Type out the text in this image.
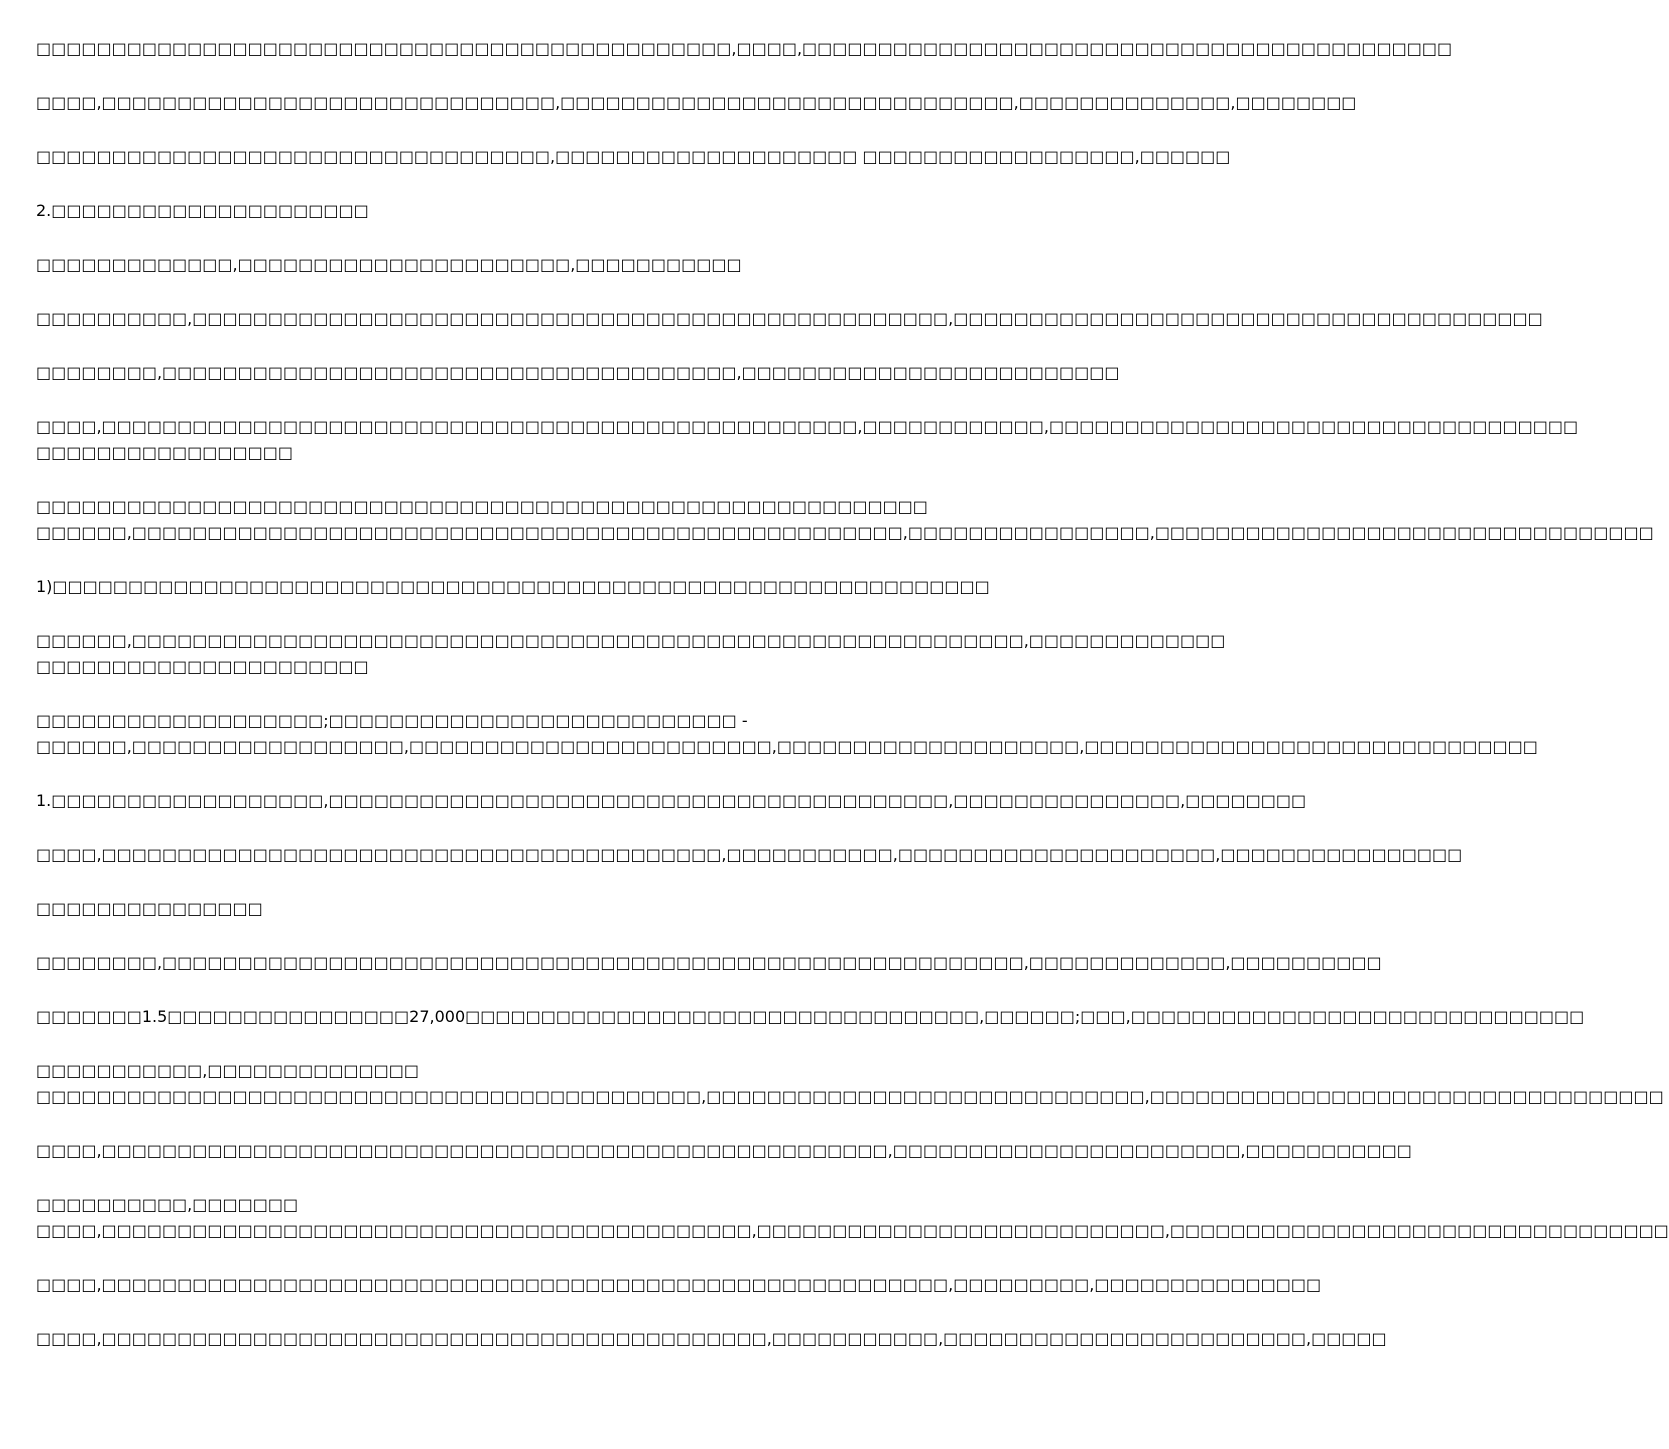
□□□□□□□□□□□□□□□□□□□□□□□□□□□□□□□□□□□□□□□□□□□□□□,□□□□,□□□□□□□□□□□□□□□□□□□□□□□□□□□□□□□□□□□□□□□□□□□

□□□□,□□□□□□□□□□□□□□□□□□□□□□□□□□□□□□,□□□□□□□□□□□□□□□□□□□□□□□□□□□□□□,□□□□□□□□□□□□□□,□□□□□□□□

□□□□□□□□□□□□□□□□□□□□□□□□□□□□□□□□□□,□□□□□□□□□□□□□□□□□□□□ □□□□□□□□□□□□□□□□□□,□□□□□□

2.□□□□□□□□□□□□□□□□□□□□□

□□□□□□□□□□□□□,□□□□□□□□□□□□□□□□□□□□□□,□□□□□□□□□□□

□□□□□□□□□□,□□□□□□□□□□□□□□□□□□□□□□□□□□□□□□□□□□□□□□□□□□□□□□□□□□,□□□□□□□□□□□□□□□□□□□□□□□□□□□□□□□□□□□□□□□

□□□□□□□□,□□□□□□□□□□□□□□□□□□□□□□□□□□□□□□□□□□□□□□,□□□□□□□□□□□□□□□□□□□□□□□□□

□□□□,□□□□□□□□□□□□□□□□□□□□□□□□□□□□□□□□□□□□□□□□□□□□□□□□□□,□□□□□□□□□□□□,□□□□□□□□□□□□□□□□□□□□□□□□□□□□□□□□□□□
□□□□□□□□□□□□□□□□□

□□□□□□□□□□□□□□□□□□□□□□□□□□□□□□□□□□□□□□□□□□□□□□□□□□□□□□□□□□□
□□□□□□,□□□□□□□□□□□□□□□□□□□□□□□□□□□□□□□□□□□□□□□□□□□□□□□□□□□,□□□□□□□□□□□□□□□□,□□□□□□□□□□□□□□□□□□□□□□□□□□□□□□□□□

1)□□□□□□□□□□□□□□□□□□□□□□□□□□□□□□□□□□□□□□□□□□□□□□□□□□□□□□□□□□□□□□

□□□□□□,□□□□□□□□□□□□□□□□□□□□□□□□□□□□□□□□□□□□□□□□□□□□□□□□□□□□□□□□□□□,□□□□□□□□□□□□□
□□□□□□□□□□□□□□□□□□□□□□

□□□□□□□□□□□□□□□□□□□;□□□□□□□□□□□□□□□□□□□□□□□□□□□ -
□□□□□□,□□□□□□□□□□□□□□□□□□,□□□□□□□□□□□□□□□□□□□□□□□□,□□□□□□□□□□□□□□□□□□□□,□□□□□□□□□□□□□□□□□□□□□□□□□□□□□□

1.□□□□□□□□□□□□□□□□□□,□□□□□□□□□□□□□□□□□□□□□□□□□□□□□□□□□□□□□□□□□,□□□□□□□□□□□□□□□,□□□□□□□□

□□□□,□□□□□□□□□□□□□□□□□□□□□□□□□□□□□□□□□□□□□□□□□,□□□□□□□□□□□,□□□□□□□□□□□□□□□□□□□□□,□□□□□□□□□□□□□□□□

□□□□□□□□□□□□□□□

□□□□□□□□,□□□□□□□□□□□□□□□□□□□□□□□□□□□□□□□□□□□□□□□□□□□□□□□□□□□□□□□□□,□□□□□□□□□□□□□,□□□□□□□□□□

□□□□□□□1.5□□□□□□□□□□□□□□□□27,000□□□□□□□□□□□□□□□□□□□□□□□□□□□□□□□□□□,□□□□□□;□□□,□□□□□□□□□□□□□□□□□□□□□□□□□□□□□□

□□□□□□□□□□□,□□□□□□□□□□□□□□
□□□□□□□□□□□□□□□□□□□□□□□□□□□□□□□□□□□□□□□□□□□□,□□□□□□□□□□□□□□□□□□□□□□□□□□□□□,□□□□□□□□□□□□□□□□□□□□□□□□□□□□□□□□□□

□□□□,□□□□□□□□□□□□□□□□□□□□□□□□□□□□□□□□□□□□□□□□□□□□□□□□□□□□,□□□□□□□□□□□□□□□□□□□□□□□,□□□□□□□□□□□

□□□□□□□□□□,□□□□□□□
□□□□,□□□□□□□□□□□□□□□□□□□□□□□□□□□□□□□□□□□□□□□□□□□,□□□□□□□□□□□□□□□□□□□□□□□□□□□,□□□□□□□□□□□□□□□□□□□□□□□□□□□□□□□□□

□□□□,□□□□□□□□□□□□□□□□□□□□□□□□□□□□□□□□□□□□□□□□□□□□□□□□□□□□□□□□,□□□□□□□□□,□□□□□□□□□□□□□□□

□□□□,□□□□□□□□□□□□□□□□□□□□□□□□□□□□□□□□□□□□□□□□□□□□,□□□□□□□□□□□,□□□□□□□□□□□□□□□□□□□□□□□□,□□□□□
